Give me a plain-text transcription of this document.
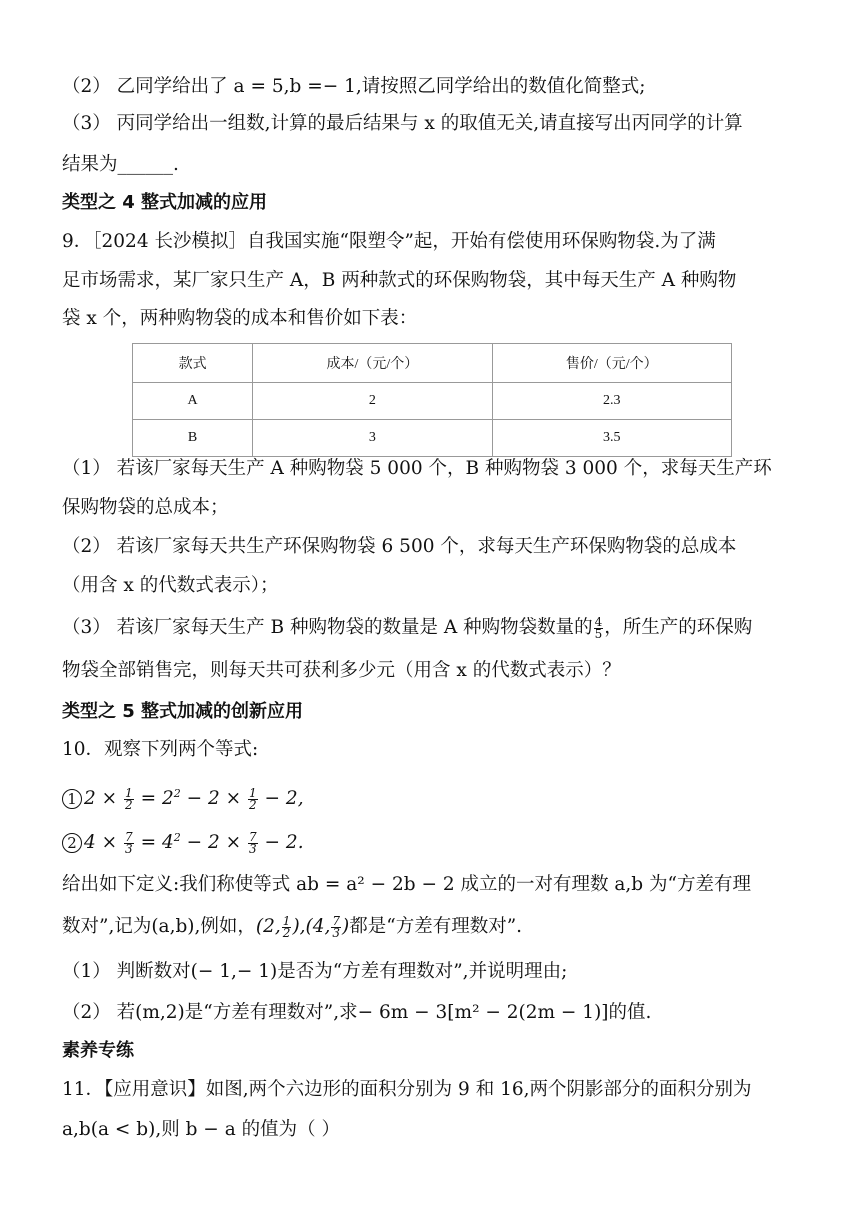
（2） 乙同学给出了 a = 5,b =− 1,请按照乙同学给出的数值化简整式;
（3） 丙同学给出一组数,计算的最后结果与 x 的取值无关,请直接写出丙同学的计算
结果为______.
类型之 4 整式加减的应用
9．［2024 长沙模拟］自我国实施“限塑令”起，开始有偿使用环保购物袋.为了满
足市场需求，某厂家只生产 A，B 两种款式的环保购物袋，其中每天生产 A 种购物
袋 x 个，两种购物袋的成本和售价如下表：
款式	成本/（元/个）	售价/（元/个）
A	2	2.3
B	3	3.5
（1） 若该厂家每天生产 A 种购物袋 5 000 个，B 种购物袋 3 000 个，求每天生产环
保购物袋的总成本；
（2） 若该厂家每天共生产环保购物袋 6 500 个，求每天生产环保购物袋的总成本
（用含 x 的代数式表示）；
（3） 若该厂家每天生产 B 种购物袋的数量是 A 种购物袋数量的 $\frac{4}{5}$ ，所生产的环保购
物袋全部销售完，则每天共可获利多少元（用含 x 的代数式表示）？
类型之 5 整式加减的创新应用
10．观察下列两个等式:
1 $2 \times \frac{1}{2} = 2^2 - 2 \times \frac{1}{2} - 2$,
2 $4 \times \frac{7}{3} = 4^2 - 2 \times \frac{7}{3} - 2$.
给出如下定义:我们称使等式 ab = a² − 2b − 2 成立的一对有理数 a,b 为“方差有理
数对”,记为(a,b),例如，(2, $\frac{1}{2} ),(4$, $\frac{7}{3}$ )都是“方差有理数对”.
（1） 判断数对(− 1,− 1)是否为“方差有理数对”,并说明理由;
（2） 若(m,2)是“方差有理数对”,求− 6m − 3[m² − 2(2m − 1)]的值.
素养专练
11．【应用意识】如图,两个六边形的面积分别为 9 和 16,两个阴影部分的面积分别为
a,b(a < b),则 b − a 的值为（ ）
